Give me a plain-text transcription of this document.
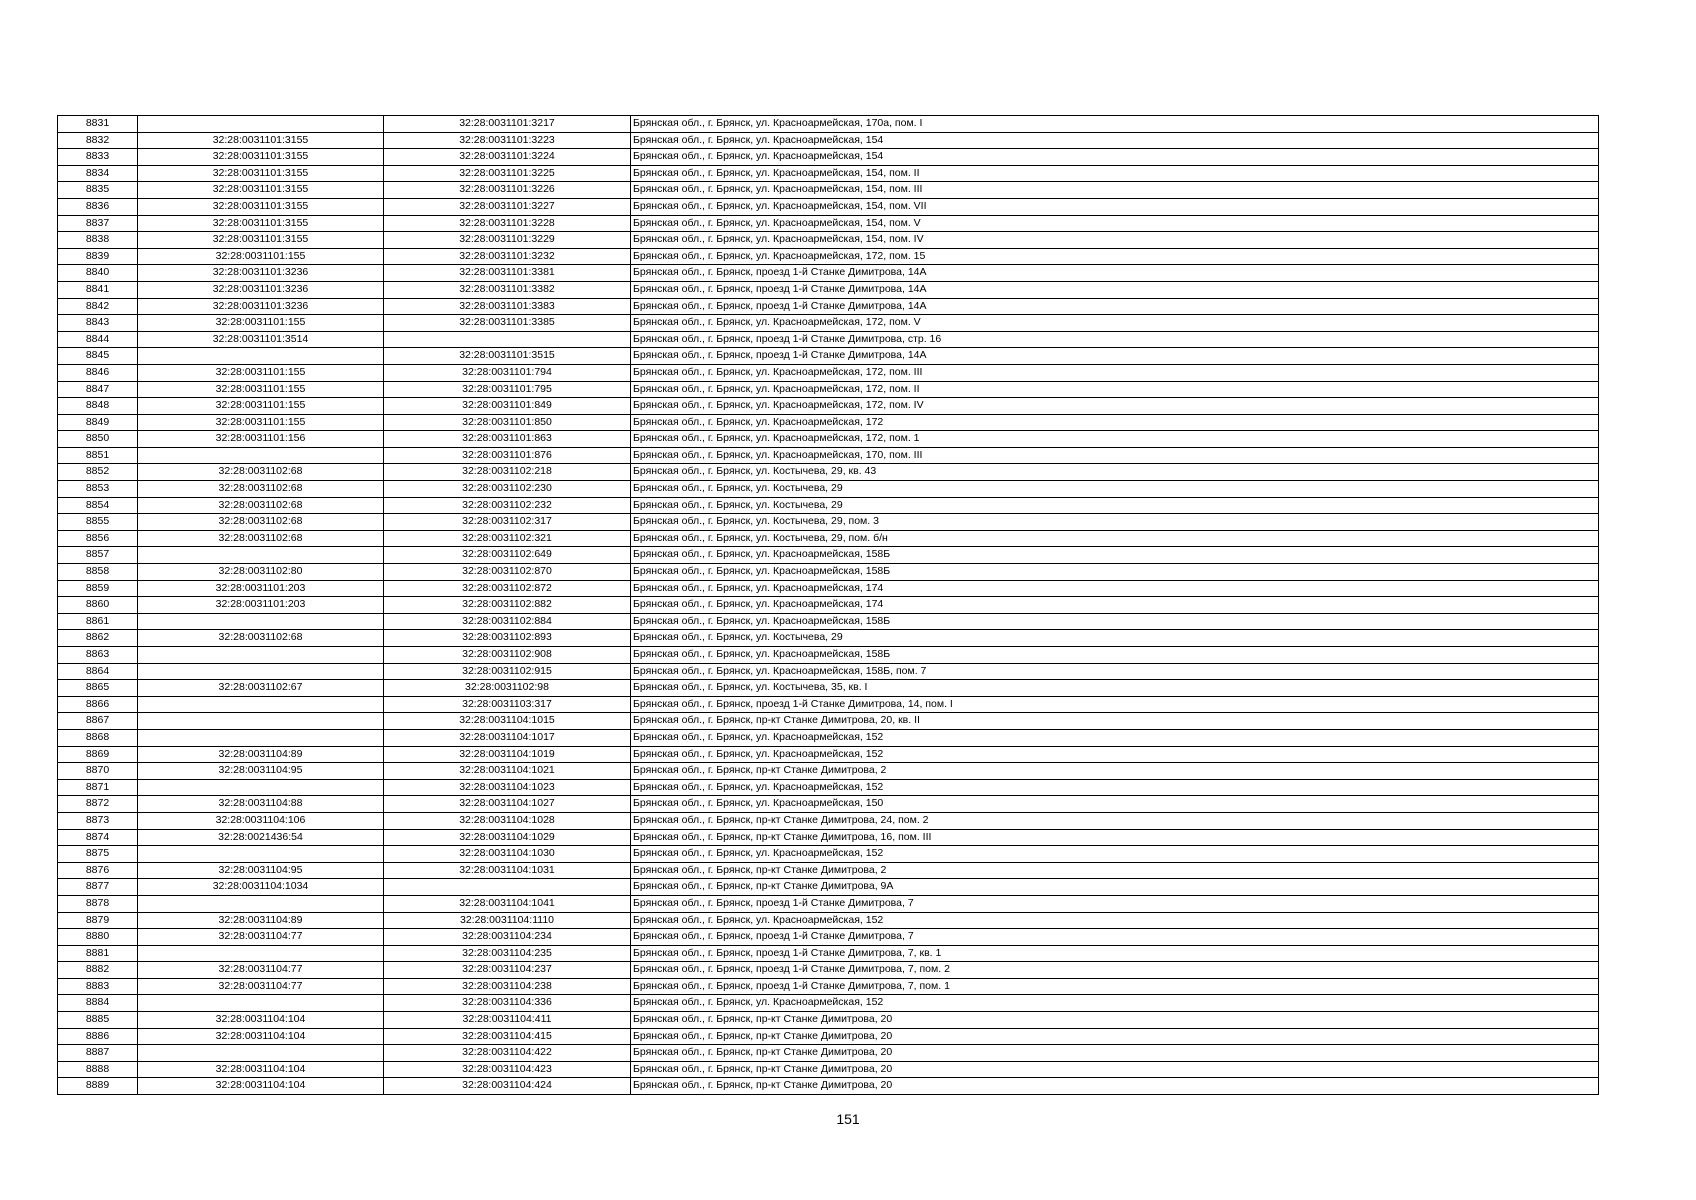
8831		32:28:0031101:3217	Брянская обл., г. Брянск, ул. Красноармейская, 170а, пом. I
8832	32:28:0031101:3155	32:28:0031101:3223	Брянская обл., г. Брянск, ул. Красноармейская, 154
8833	32:28:0031101:3155	32:28:0031101:3224	Брянская обл., г. Брянск, ул. Красноармейская, 154
8834	32:28:0031101:3155	32:28:0031101:3225	Брянская обл., г. Брянск, ул. Красноармейская, 154, пом. II
8835	32:28:0031101:3155	32:28:0031101:3226	Брянская обл., г. Брянск, ул. Красноармейская, 154, пом. III
8836	32:28:0031101:3155	32:28:0031101:3227	Брянская обл., г. Брянск, ул. Красноармейская, 154, пом. VII
8837	32:28:0031101:3155	32:28:0031101:3228	Брянская обл., г. Брянск, ул. Красноармейская, 154, пом. V
8838	32:28:0031101:3155	32:28:0031101:3229	Брянская обл., г. Брянск, ул. Красноармейская, 154, пом. IV
8839	32:28:0031101:155	32:28:0031101:3232	Брянская обл., г. Брянск, ул. Красноармейская, 172, пом. 15
8840	32:28:0031101:3236	32:28:0031101:3381	Брянская обл., г. Брянск, проезд 1-й Станке Димитрова, 14А
8841	32:28:0031101:3236	32:28:0031101:3382	Брянская обл., г. Брянск, проезд 1-й Станке Димитрова, 14А
8842	32:28:0031101:3236	32:28:0031101:3383	Брянская обл., г. Брянск, проезд 1-й Станке Димитрова, 14А
8843	32:28:0031101:155	32:28:0031101:3385	Брянская обл., г. Брянск, ул. Красноармейская, 172, пом. V
8844	32:28:0031101:3514		Брянская обл., г. Брянск, проезд 1-й Станке Димитрова, стр. 16
8845		32:28:0031101:3515	Брянская обл., г. Брянск, проезд 1-й Станке Димитрова, 14А
8846	32:28:0031101:155	32:28:0031101:794	Брянская обл., г. Брянск, ул. Красноармейская, 172, пом. III
8847	32:28:0031101:155	32:28:0031101:795	Брянская обл., г. Брянск, ул. Красноармейская, 172, пом. II
8848	32:28:0031101:155	32:28:0031101:849	Брянская обл., г. Брянск, ул. Красноармейская, 172, пом. IV
8849	32:28:0031101:155	32:28:0031101:850	Брянская обл., г. Брянск, ул. Красноармейская, 172
8850	32:28:0031101:156	32:28:0031101:863	Брянская обл., г. Брянск, ул. Красноармейская, 172, пом. 1
8851		32:28:0031101:876	Брянская обл., г. Брянск, ул. Красноармейская, 170, пом. III
8852	32:28:0031102:68	32:28:0031102:218	Брянская обл., г. Брянск, ул. Костычева, 29, кв. 43
8853	32:28:0031102:68	32:28:0031102:230	Брянская обл., г. Брянск, ул. Костычева, 29
8854	32:28:0031102:68	32:28:0031102:232	Брянская обл., г. Брянск, ул. Костычева, 29
8855	32:28:0031102:68	32:28:0031102:317	Брянская обл., г. Брянск, ул. Костычева, 29, пом. 3
8856	32:28:0031102:68	32:28:0031102:321	Брянская обл., г. Брянск, ул. Костычева, 29, пом. б/н
8857		32:28:0031102:649	Брянская обл., г. Брянск, ул. Красноармейская, 158Б
8858	32:28:0031102:80	32:28:0031102:870	Брянская обл., г. Брянск, ул. Красноармейская, 158Б
8859	32:28:0031101:203	32:28:0031102:872	Брянская обл., г. Брянск, ул. Красноармейская, 174
8860	32:28:0031101:203	32:28:0031102:882	Брянская обл., г. Брянск, ул. Красноармейская, 174
8861		32:28:0031102:884	Брянская обл., г. Брянск, ул. Красноармейская, 158Б
8862	32:28:0031102:68	32:28:0031102:893	Брянская обл., г. Брянск, ул. Костычева, 29
8863		32:28:0031102:908	Брянская обл., г. Брянск, ул. Красноармейская, 158Б
8864		32:28:0031102:915	Брянская обл., г. Брянск, ул. Красноармейская, 158Б, пом. 7
8865	32:28:0031102:67	32:28:0031102:98	Брянская обл., г. Брянск, ул. Костычева, 35, кв. I
8866		32:28:0031103:317	Брянская обл., г. Брянск, проезд 1-й Станке Димитрова, 14, пом. I
8867		32:28:0031104:1015	Брянская обл., г. Брянск, пр-кт Станке Димитрова, 20, кв. II
8868		32:28:0031104:1017	Брянская обл., г. Брянск, ул. Красноармейская, 152
8869	32:28:0031104:89	32:28:0031104:1019	Брянская обл., г. Брянск, ул. Красноармейская, 152
8870	32:28:0031104:95	32:28:0031104:1021	Брянская обл., г. Брянск, пр-кт Станке Димитрова, 2
8871		32:28:0031104:1023	Брянская обл., г. Брянск, ул. Красноармейская, 152
8872	32:28:0031104:88	32:28:0031104:1027	Брянская обл., г. Брянск, ул. Красноармейская, 150
8873	32:28:0031104:106	32:28:0031104:1028	Брянская обл., г. Брянск, пр-кт Станке Димитрова, 24, пом. 2
8874	32:28:0021436:54	32:28:0031104:1029	Брянская обл., г. Брянск, пр-кт Станке Димитрова, 16, пом. III
8875		32:28:0031104:1030	Брянская обл., г. Брянск, ул. Красноармейская, 152
8876	32:28:0031104:95	32:28:0031104:1031	Брянская обл., г. Брянск, пр-кт Станке Димитрова, 2
8877	32:28:0031104:1034		Брянская обл., г. Брянск, пр-кт Станке Димитрова, 9А
8878		32:28:0031104:1041	Брянская обл., г. Брянск, проезд 1-й Станке Димитрова, 7
8879	32:28:0031104:89	32:28:0031104:1110	Брянская обл., г. Брянск, ул. Красноармейская, 152
8880	32:28:0031104:77	32:28:0031104:234	Брянская обл., г. Брянск, проезд 1-й Станке Димитрова, 7
8881		32:28:0031104:235	Брянская обл., г. Брянск, проезд 1-й Станке Димитрова, 7, кв. 1
8882	32:28:0031104:77	32:28:0031104:237	Брянская обл., г. Брянск, проезд 1-й Станке Димитрова, 7, пом. 2
8883	32:28:0031104:77	32:28:0031104:238	Брянская обл., г. Брянск, проезд 1-й Станке Димитрова, 7, пом. 1
8884		32:28:0031104:336	Брянская обл., г. Брянск, ул. Красноармейская, 152
8885	32:28:0031104:104	32:28:0031104:411	Брянская обл., г. Брянск, пр-кт Станке Димитрова, 20
8886	32:28:0031104:104	32:28:0031104:415	Брянская обл., г. Брянск, пр-кт Станке Димитрова, 20
8887		32:28:0031104:422	Брянская обл., г. Брянск, пр-кт Станке Димитрова, 20
8888	32:28:0031104:104	32:28:0031104:423	Брянская обл., г. Брянск, пр-кт Станке Димитрова, 20
8889	32:28:0031104:104	32:28:0031104:424	Брянская обл., г. Брянск, пр-кт Станке Димитрова, 20
151
